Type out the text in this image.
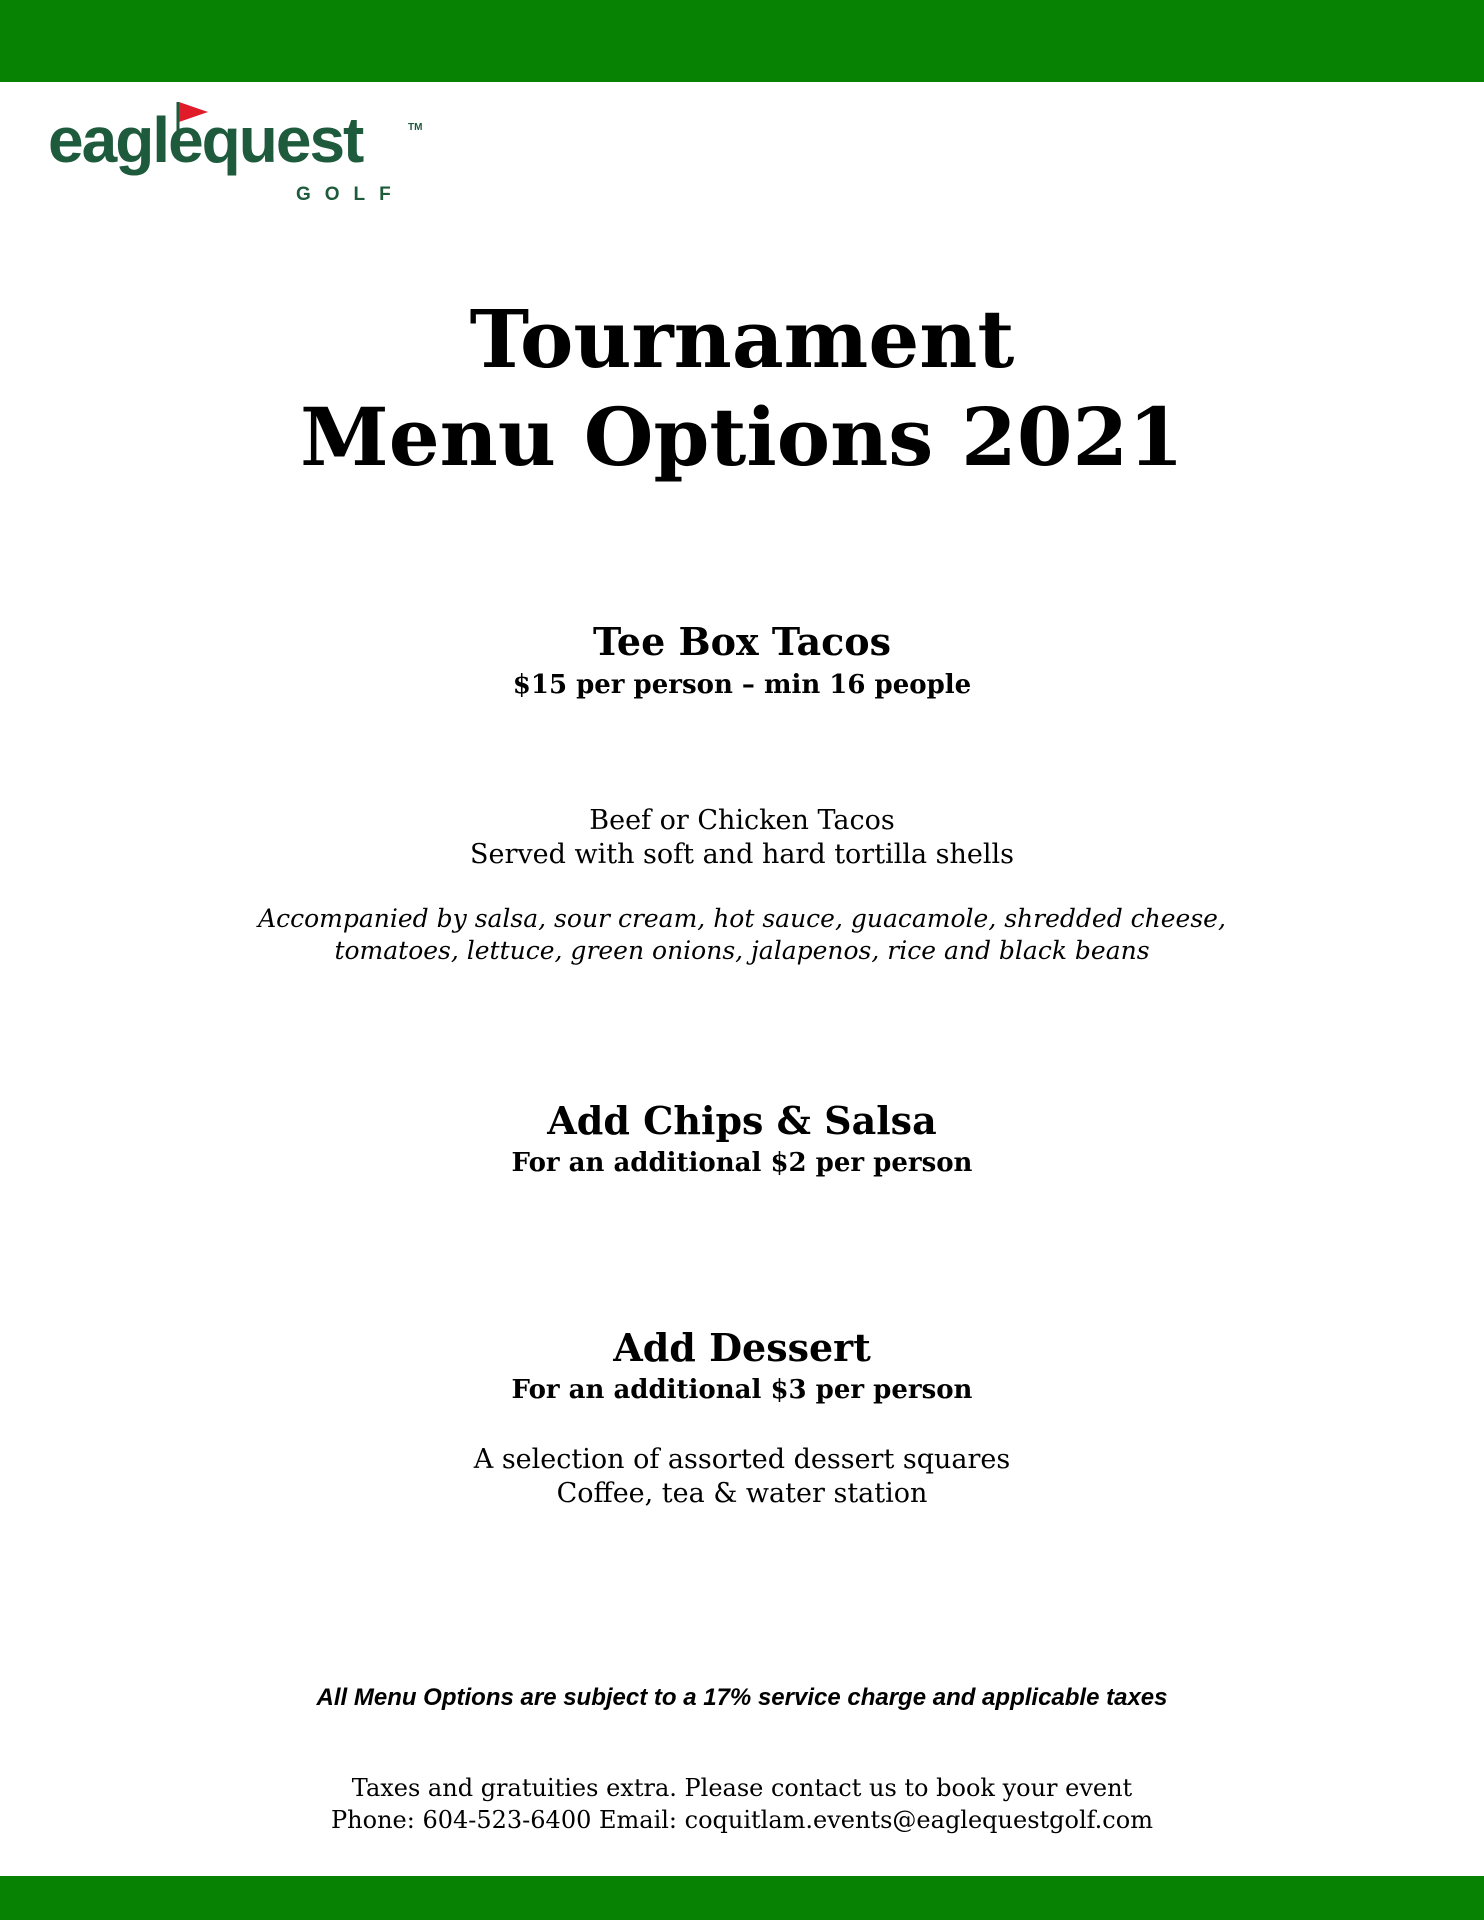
eaglequest	TM
GOLF
Tournament
Menu Options 2021
Tee Box Tacos
$15 per person – min 16 people
Beef or Chicken Tacos
Served with soft and hard tortilla shells
Accompanied by salsa, sour cream, hot sauce, guacamole, shredded cheese,
tomatoes, lettuce, green onions, jalapenos, rice and black beans
Add Chips & Salsa
For an additional $2 per person
Add Dessert
For an additional $3 per person
A selection of assorted dessert squares
Coffee, tea & water station
All Menu Options are subject to a 17% service charge and applicable taxes
Taxes and gratuities extra. Please contact us to book your event
Phone: 604-523-6400 Email: coquitlam.events@eaglequestgolf.com
